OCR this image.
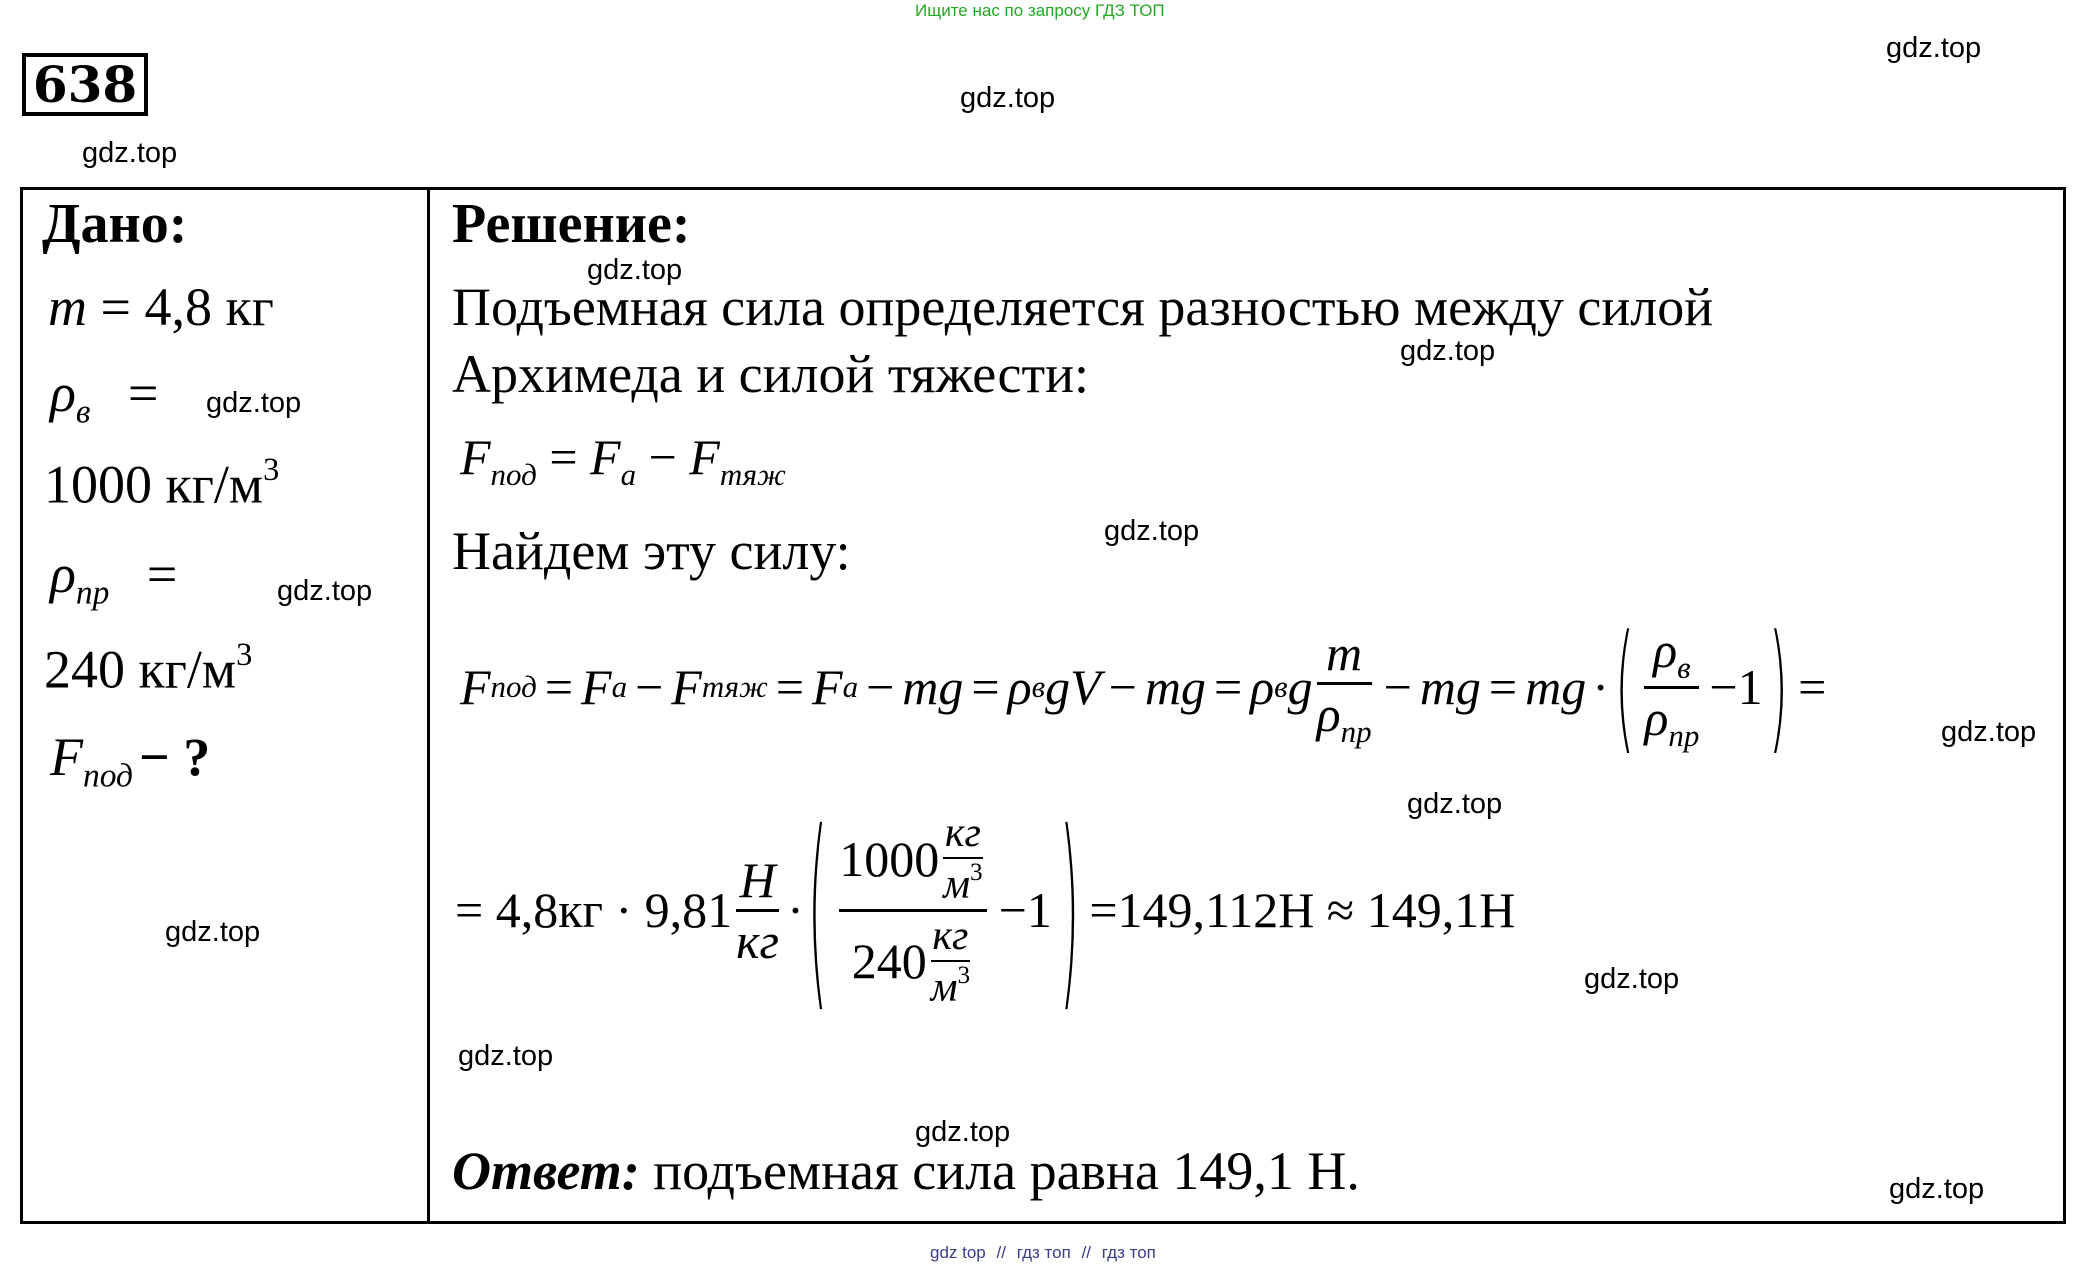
Ищите нас по запросу ГДЗ ТОП
638
gdz.top
gdz.top
gdz.top
gdz.top
gdz.top
gdz.top
gdz.top
gdz.top
gdz.top
gdz.top
gdz.top
gdz.top
gdz.top
gdz.top
gdz.top
Дано:
m = 4,8 кг
$\rho_в$ =
1000 $кг/м^3$
$\rho_{пр}$ =
240 $кг/м^3$
$F_{под}$ − ?
Решение:
Подъемная сила определяется разностью между силой
Архимеда и силой тяжести:
$F_{под} = F_а - F_{тяж}$
Найдем эту силу:
F под = F а − F тяж = F а − mg = ρ в gV − mg = ρ в g $\frac{m}{\rho_{пр}}$ − mg = mg · ( $\frac{\rho_в}{\rho_{пр}} - 1$ ) =
= $4,8кг \cdot 9,81 \frac{Н}{кг}$ · ( $\frac{1000 \frac{кг}{м^3}}{240 \frac{кг}{м^3}} -1$ ) =149,112Н ≈ 149,1Н
Ответ: подъемная сила равна 149,1 Н.
gdz top // гдз топ // гдз топ
